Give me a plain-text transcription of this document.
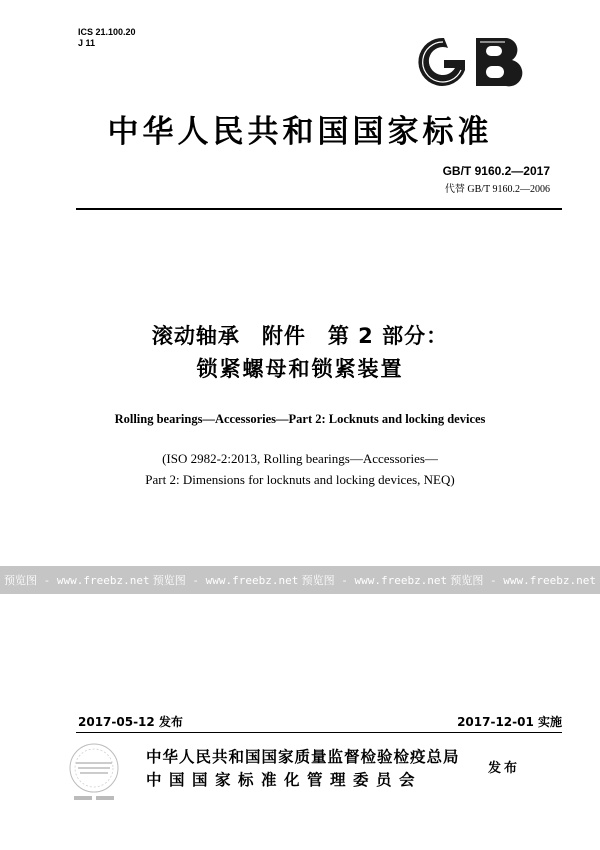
ICS 21.100.20
J 11
中华人民共和国国家标准
GB/T 9160.2—2017
代替 GB/T 9160.2—2006
滚动轴承　附件　第 2 部分：
锁紧螺母和锁紧装置
Rolling bearings—Accessories—Part 2: Locknuts and locking devices
(ISO 2982-2:2013, Rolling bearings—Accessories—
Part 2: Dimensions for locknuts and locking devices, NEQ)
预览图 - www.freebz.net 预览图 - www.freebz.net 预览图 - www.freebz.net 预览图 - www.freebz.net
2017-05-12 发布	2017-12-01 实施
中华人民共和国国家质量监督检验检疫总局
中国国家标准化管理委员会
发布
